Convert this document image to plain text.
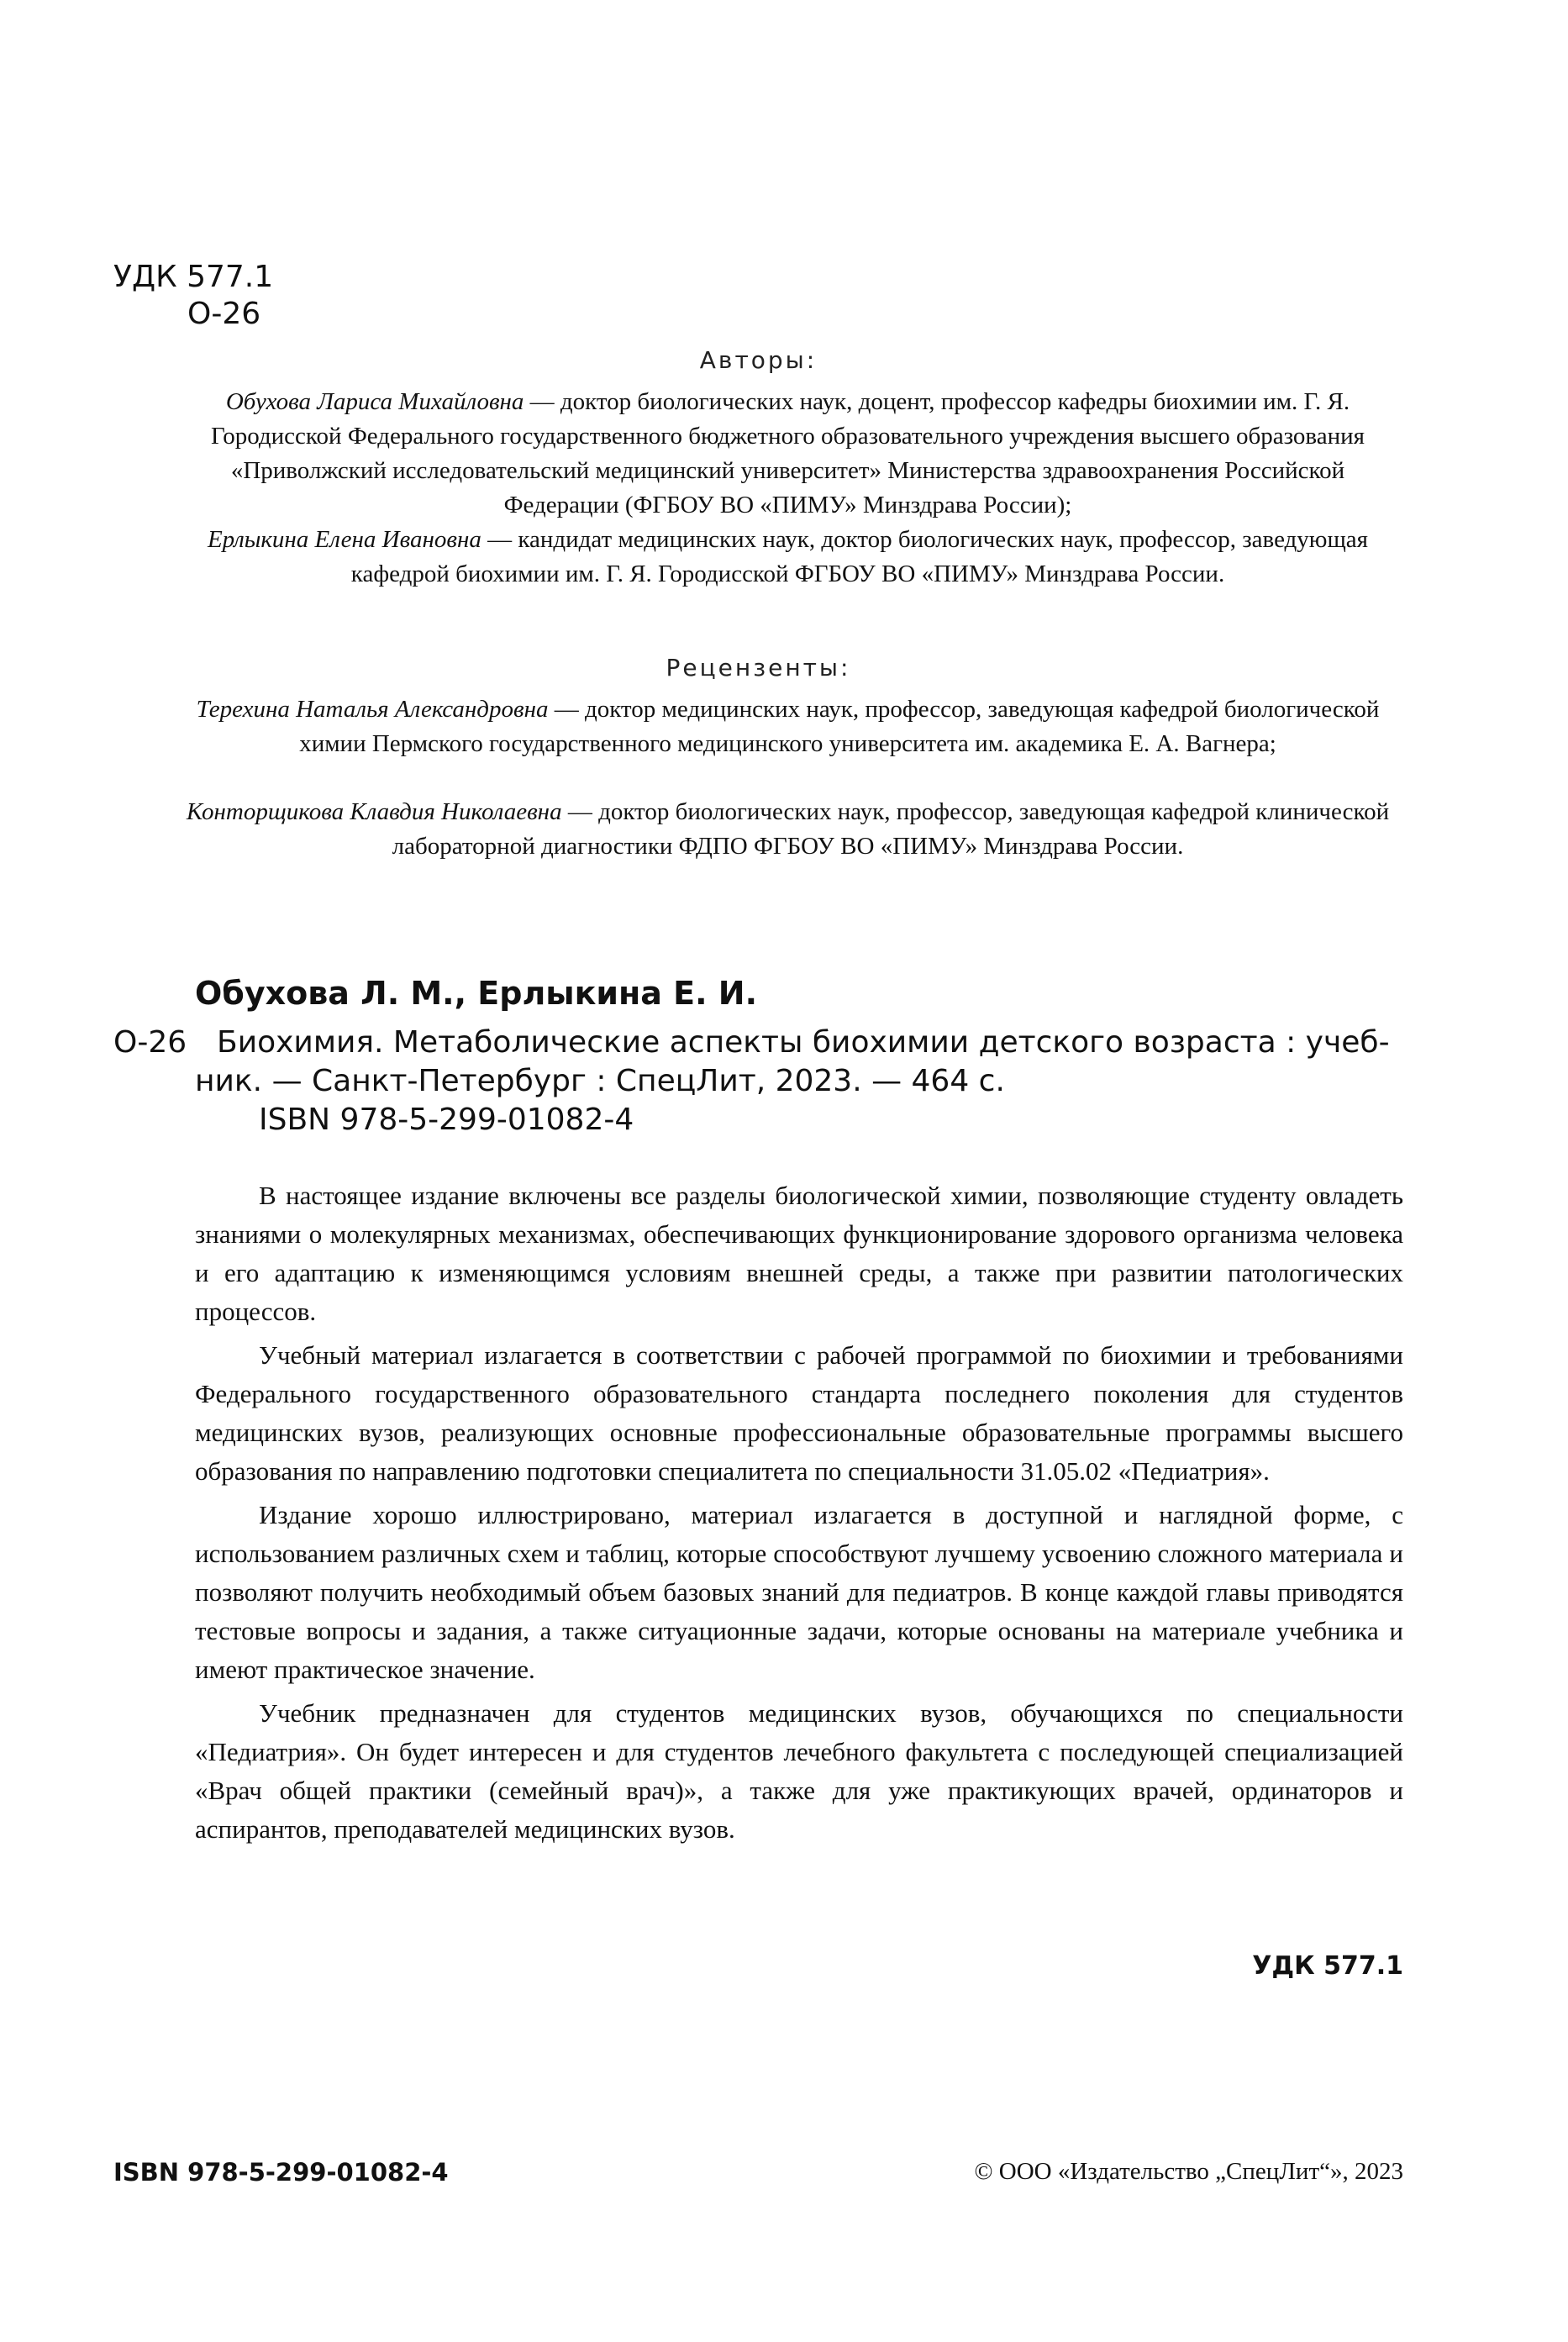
УДК 577.1
О-26
Авторы:
Обухова Лариса Михайловна — доктор биологических наук, доцент, профессор кафедры биохимии им. Г. Я. Городисской Федерального государственного бюджетного образовательного учреждения высшего образования «Приволжский исследовательский медицинский университет» Министерства здравоохранения Российской Федерации (ФГБОУ ВО «ПИМУ» Минздрава России);
Ерлыкина Елена Ивановна — кандидат медицинских наук, доктор биологических наук, профессор, заведующая кафедрой биохимии им. Г. Я. Городисской ФГБОУ ВО «ПИМУ» Минздрава России.
Рецензенты:
Терехина Наталья Александровна — доктор медицинских наук, профессор, заведующая кафедрой биологической химии Пермского государственного медицинского университета им. академика Е. А. Вагнера;
Конторщикова Клавдия Николаевна — доктор биологических наук, профессор, заведующая кафедрой клинической лабораторной диагностики ФДПО ФГБОУ ВО «ПИМУ» Минздрава России.
Обухова Л. М., Ерлыкина Е. И.
О-26 Биохимия. Метаболические аспекты биохимии детского возраста : учеб-
ник. — Санкт-Петербург : СпецЛит, 2023. — 464 с.
ISBN 978-5-299-01082-4

В настоящее издание включены все разделы биологической химии, позволяющие студенту овладеть знаниями о молекулярных механизмах, обеспечивающих функционирование здорового организма человека и его адаптацию к изменяющимся условиям внешней среды, а также при развитии патологических процессов.

Учебный материал излагается в соответствии с рабочей программой по биохимии и требованиями Федерального государственного образовательного стандарта последнего поколения для студентов медицинских вузов, реализующих основные профессиональные образовательные программы высшего образования по направлению подготовки специалитета по специальности 31.05.02 «Педиатрия».

Издание хорошо иллюстрировано, материал излагается в доступной и наглядной форме, с использованием различных схем и таблиц, которые способствуют лучшему усвоению сложного материала и позволяют получить необходимый объем базовых знаний для педиатров. В конце каждой главы приводятся тестовые вопросы и задания, а также ситуационные задачи, которые основаны на материале учебника и имеют практическое значение.

Учебник предназначен для студентов медицинских вузов, обучающихся по специальности «Педиатрия». Он будет интересен и для студентов лечебного факультета с последующей специализацией «Врач общей практики (семейный врач)», а также для уже практикующих врачей, ординаторов и аспирантов, преподавателей медицинских вузов.

УДК 577.1
ISBN 978-5-299-01082-4	© ООО «Издательство „СпецЛит“», 2023
